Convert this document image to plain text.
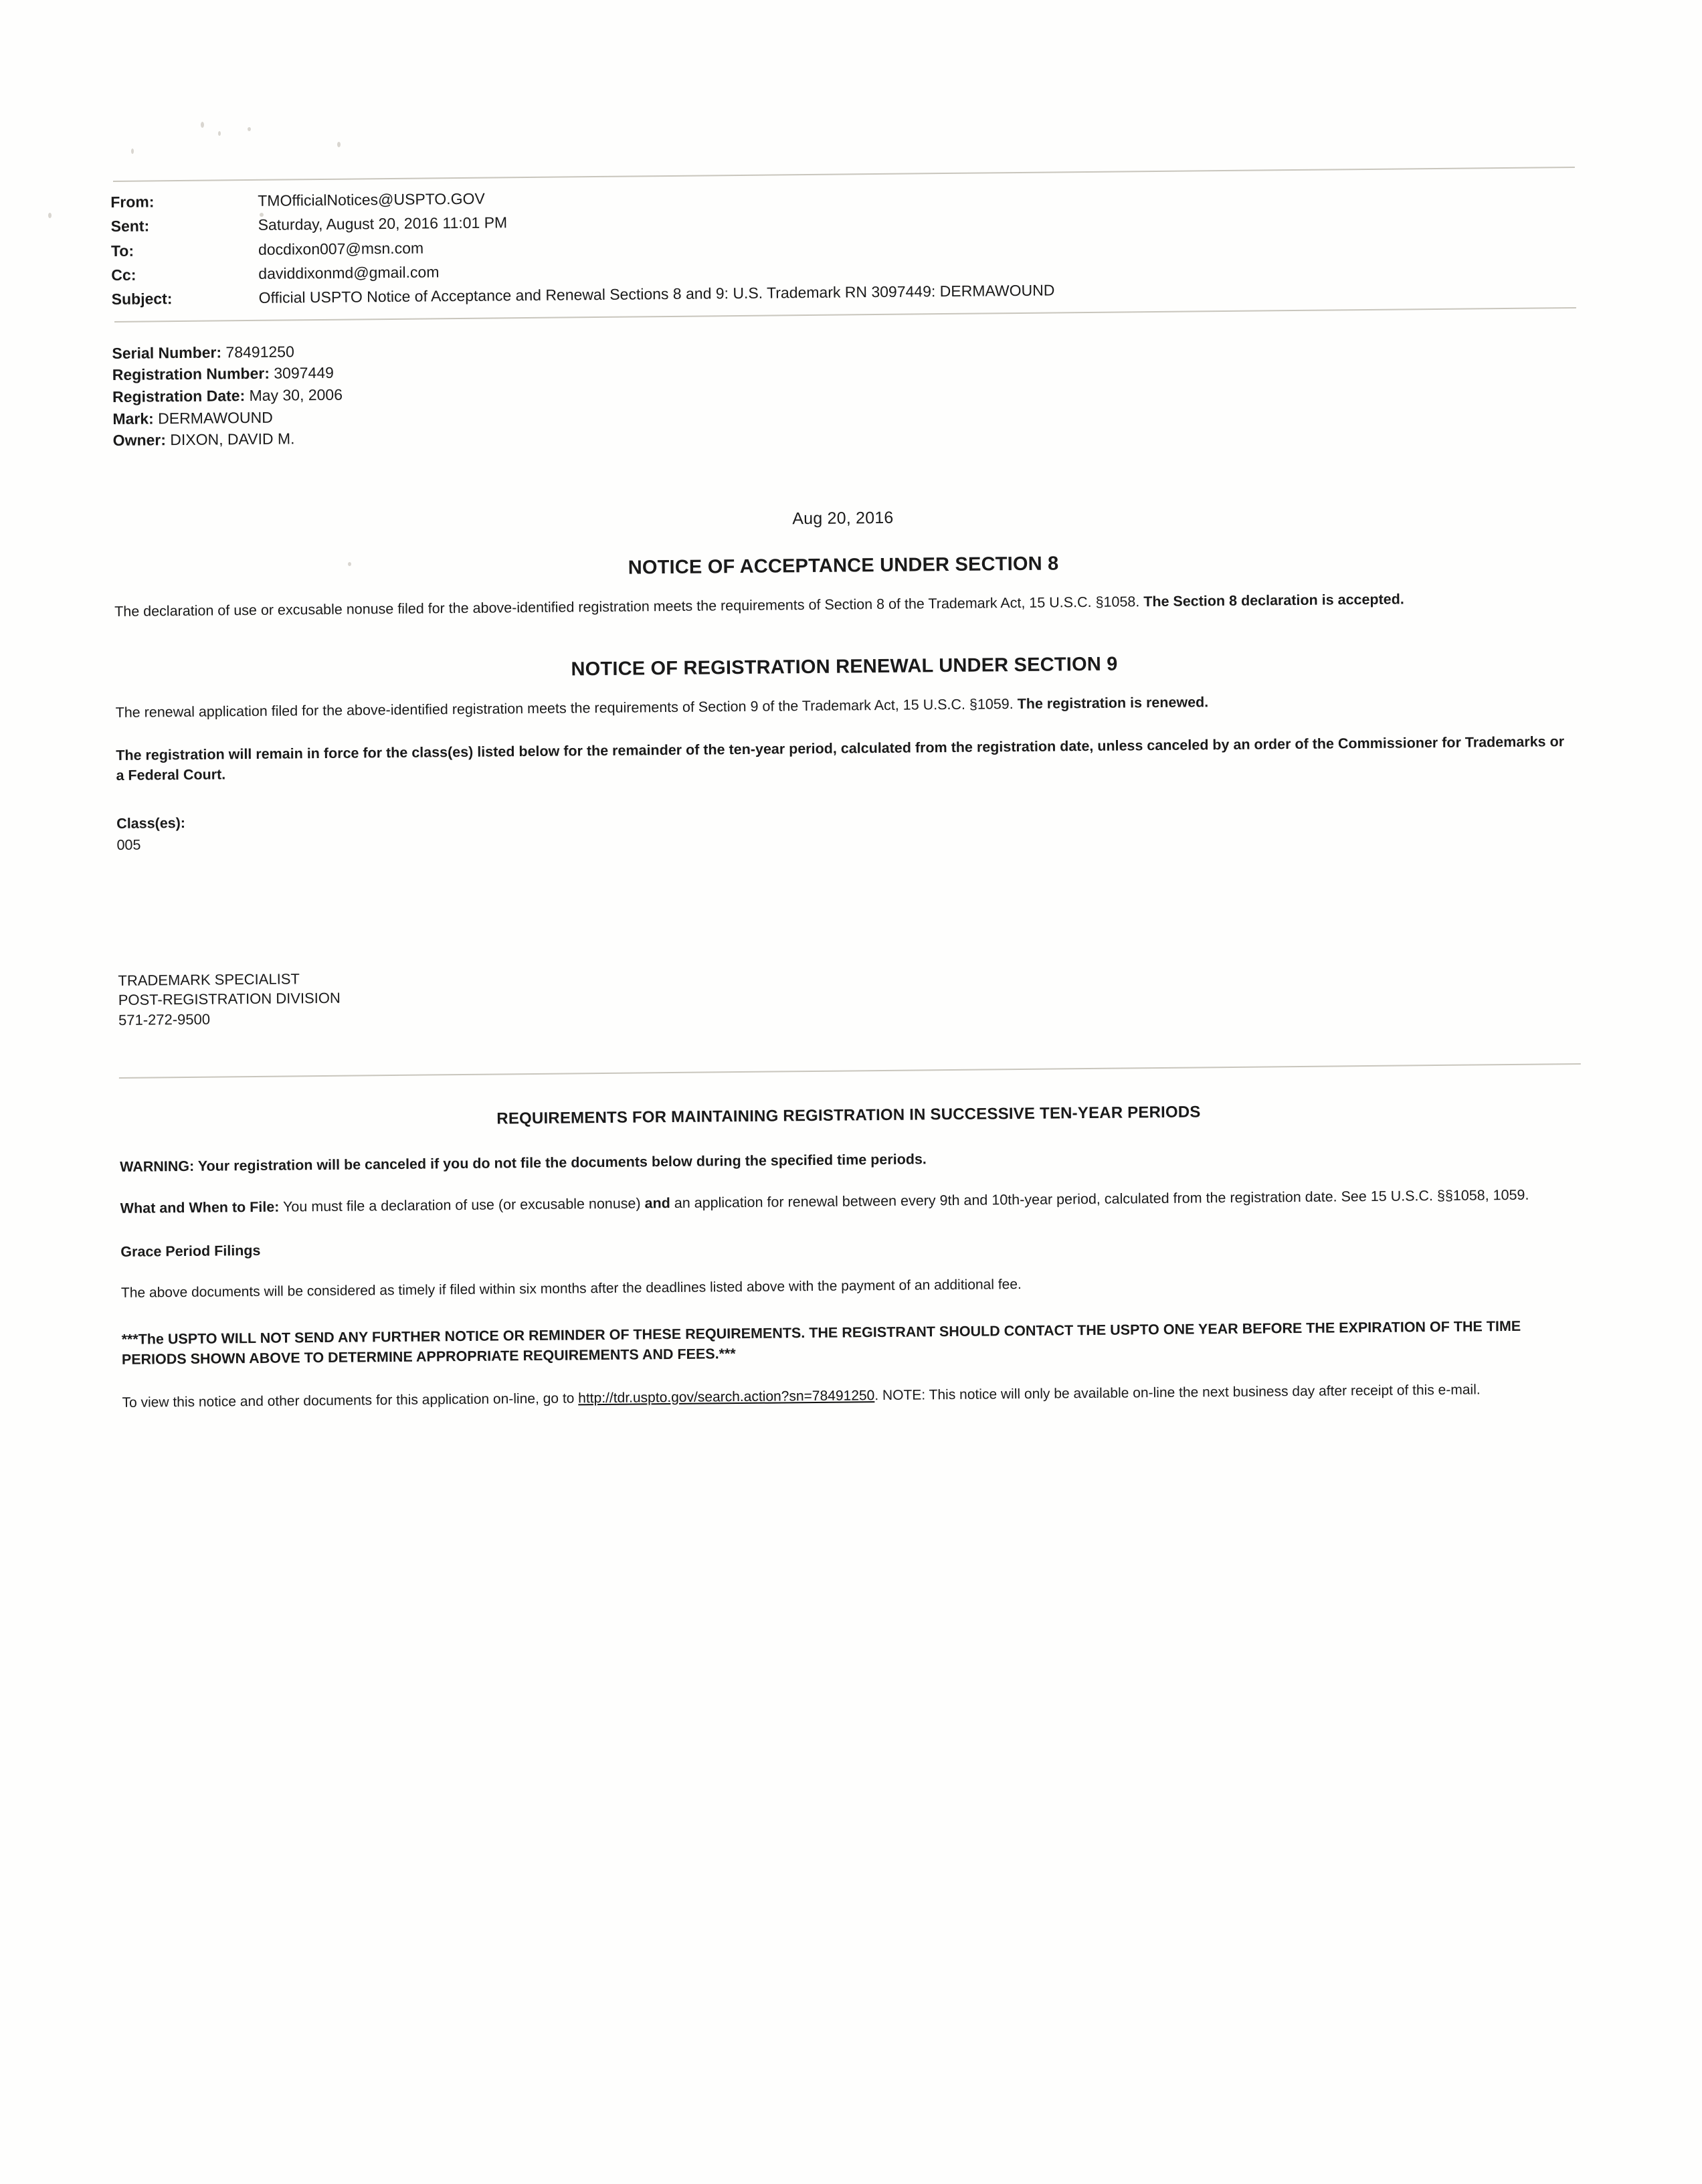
From:	TMOfficialNotices@USPTO.GOV
Sent:	Saturday, August 20, 2016 11:01 PM
To:	docdixon007@msn.com
Cc:	daviddixonmd@gmail.com
Subject:	Official USPTO Notice of Acceptance and Renewal Sections 8 and 9: U.S. Trademark RN 3097449: DERMAWOUND
Serial Number: 78491250
Registration Number: 3097449
Registration Date: May 30, 2006
Mark: DERMAWOUND
Owner: DIXON, DAVID M.
Aug 20, 2016
NOTICE OF ACCEPTANCE UNDER SECTION 8

The declaration of use or excusable nonuse filed for the above-identified registration meets the requirements of Section 8 of the Trademark Act, 15 U.S.C. §1058. The Section 8 declaration is accepted.

NOTICE OF REGISTRATION RENEWAL UNDER SECTION 9

The renewal application filed for the above-identified registration meets the requirements of Section 9 of the Trademark Act, 15 U.S.C. §1059. The registration is renewed.

The registration will remain in force for the class(es) listed below for the remainder of the ten-year period, calculated from the registration date, unless canceled by an order of the Commissioner for Trademarks or a Federal Court.

Class(es):
005
TRADEMARK SPECIALIST
POST-REGISTRATION DIVISION
571-272-9500
REQUIREMENTS FOR MAINTAINING REGISTRATION IN SUCCESSIVE TEN-YEAR PERIODS

WARNING: Your registration will be canceled if you do not file the documents below during the specified time periods.

What and When to File: You must file a declaration of use (or excusable nonuse) and an application for renewal between every 9th and 10th-year period, calculated from the registration date. See 15 U.S.C. §§1058, 1059.

Grace Period Filings

The above documents will be considered as timely if filed within six months after the deadlines listed above with the payment of an additional fee.

***The USPTO WILL NOT SEND ANY FURTHER NOTICE OR REMINDER OF THESE REQUIREMENTS. THE REGISTRANT SHOULD CONTACT THE USPTO ONE YEAR BEFORE THE EXPIRATION OF THE TIME PERIODS SHOWN ABOVE TO DETERMINE APPROPRIATE REQUIREMENTS AND FEES.***

To view this notice and other documents for this application on-line, go to http://tdr.uspto.gov/search.action?sn=78491250. NOTE: This notice will only be available on-line the next business day after receipt of this e-mail.
